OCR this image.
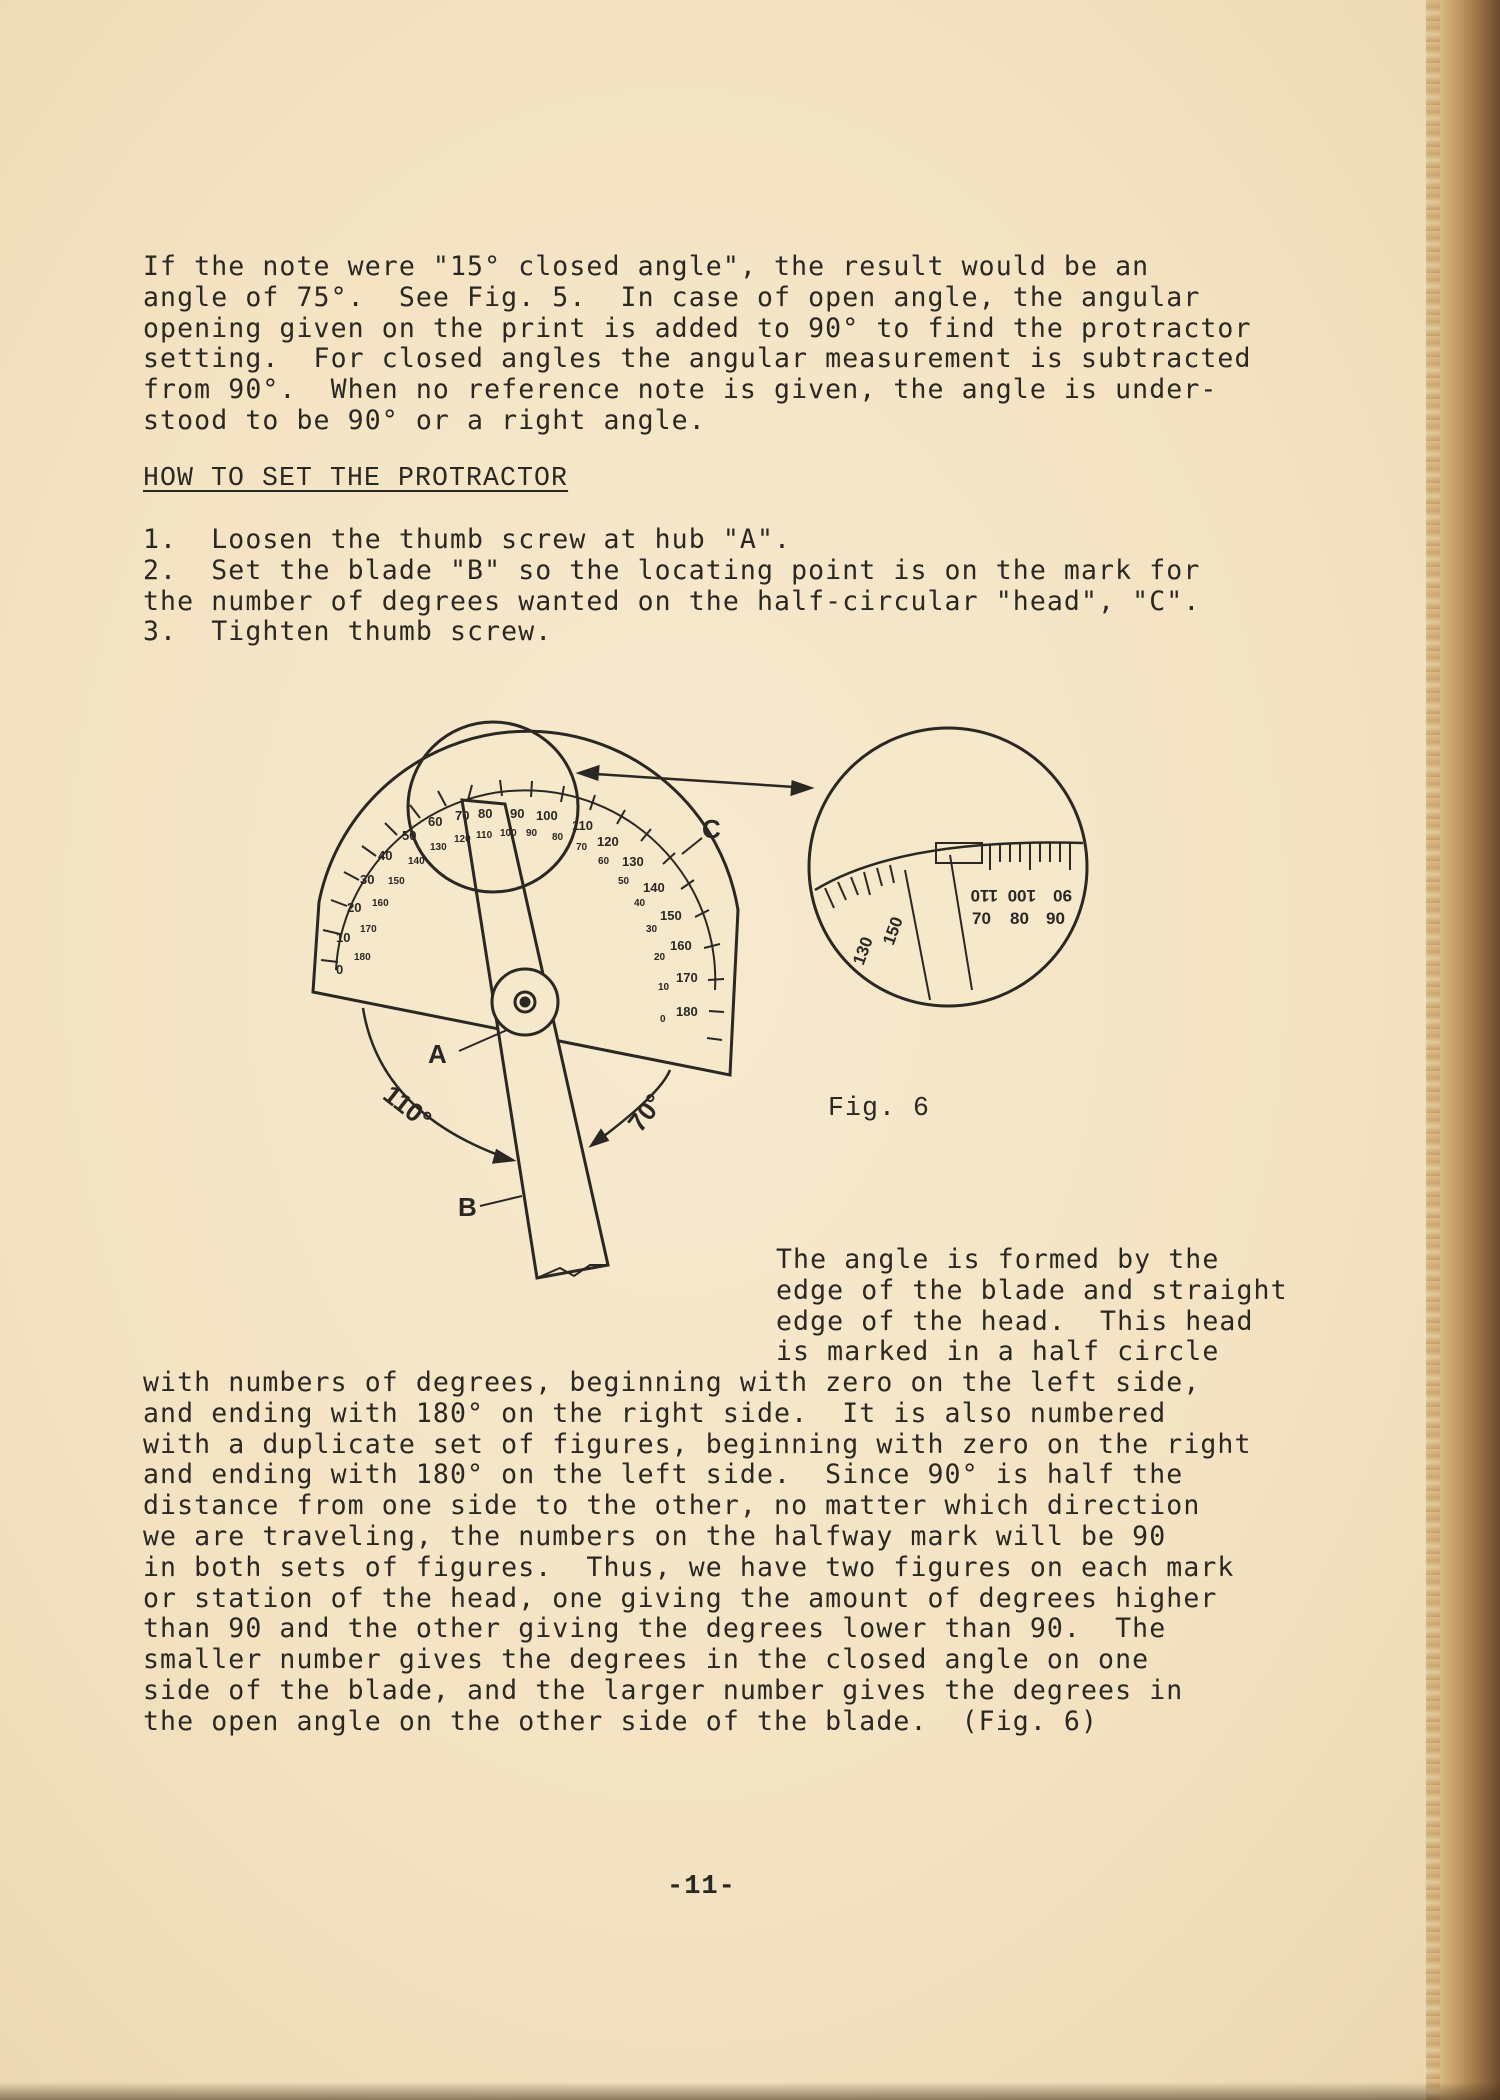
If the note were "15° closed angle", the result would be an
angle of 75°.  See Fig. 5.  In case of open angle, the angular
opening given on the print is added to 90° to find the protractor
setting.  For closed angles the angular measurement is subtracted
from 90°.  When no reference note is given, the angle is under-
stood to be 90° or a right angle.
HOW TO SET THE PROTRACTOR
1.  Loosen the thumb screw at hub "A".
2.  Set the blade "B" so the locating point is on the mark for
the number of degrees wanted on the half-circular "head", "C".
3.  Tighten thumb screw.
0
10
20
30
40
50
60 70 80 90 100
110
120
130
140
150
160
170
180
180
170
160
150
140
130
120 110 100 90 80
70
60
50
40
30
20
10
0
90
100
110
90
80
70
150
130
A
B
C
110°	70°	Fig. 6
The angle is formed by the
edge of the blade and straight
edge of the head.  This head
is marked in a half circle
with numbers of degrees, beginning with zero on the left side,
and ending with 180° on the right side.  It is also numbered
with a duplicate set of figures, beginning with zero on the right
and ending with 180° on the left side.  Since 90° is half the
distance from one side to the other, no matter which direction
we are traveling, the numbers on the halfway mark will be 90
in both sets of figures.  Thus, we have two figures on each mark
or station of the head, one giving the amount of degrees higher
than 90 and the other giving the degrees lower than 90.  The
smaller number gives the degrees in the closed angle on one
side of the blade, and the larger number gives the degrees in
the open angle on the other side of the blade.  (Fig. 6)
-11-
